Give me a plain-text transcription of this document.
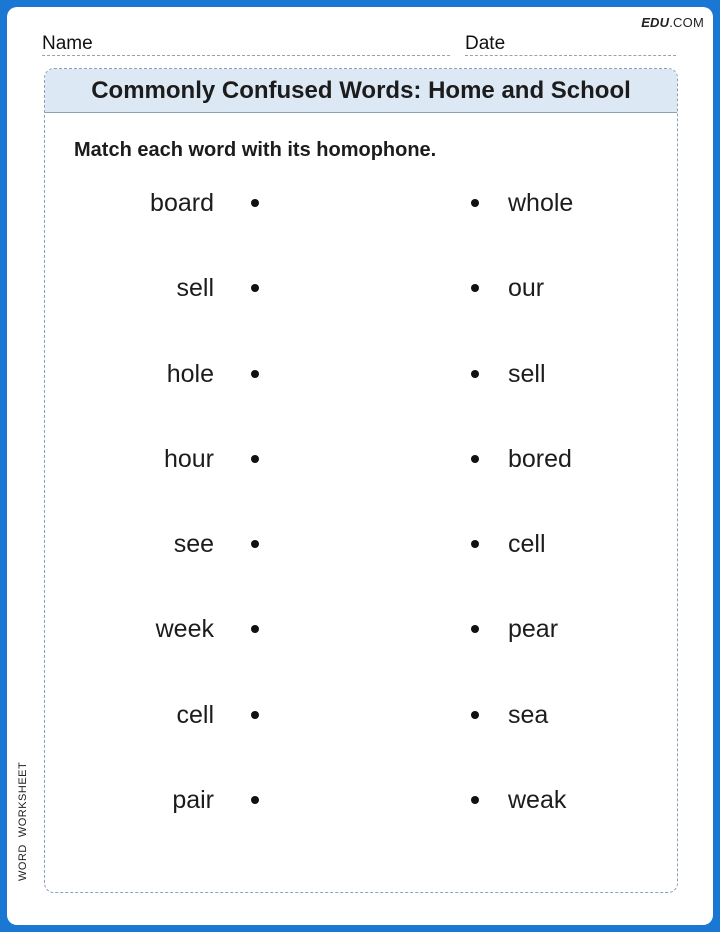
EDU.COM
Name	Date
WORDWORKSHEET
Commonly Confused Words: Home and School
Match each word with its homophone.
board	whole
sell	our
hole	sell
hour	bored
see	cell
week	pear
cell	sea
pair	weak
